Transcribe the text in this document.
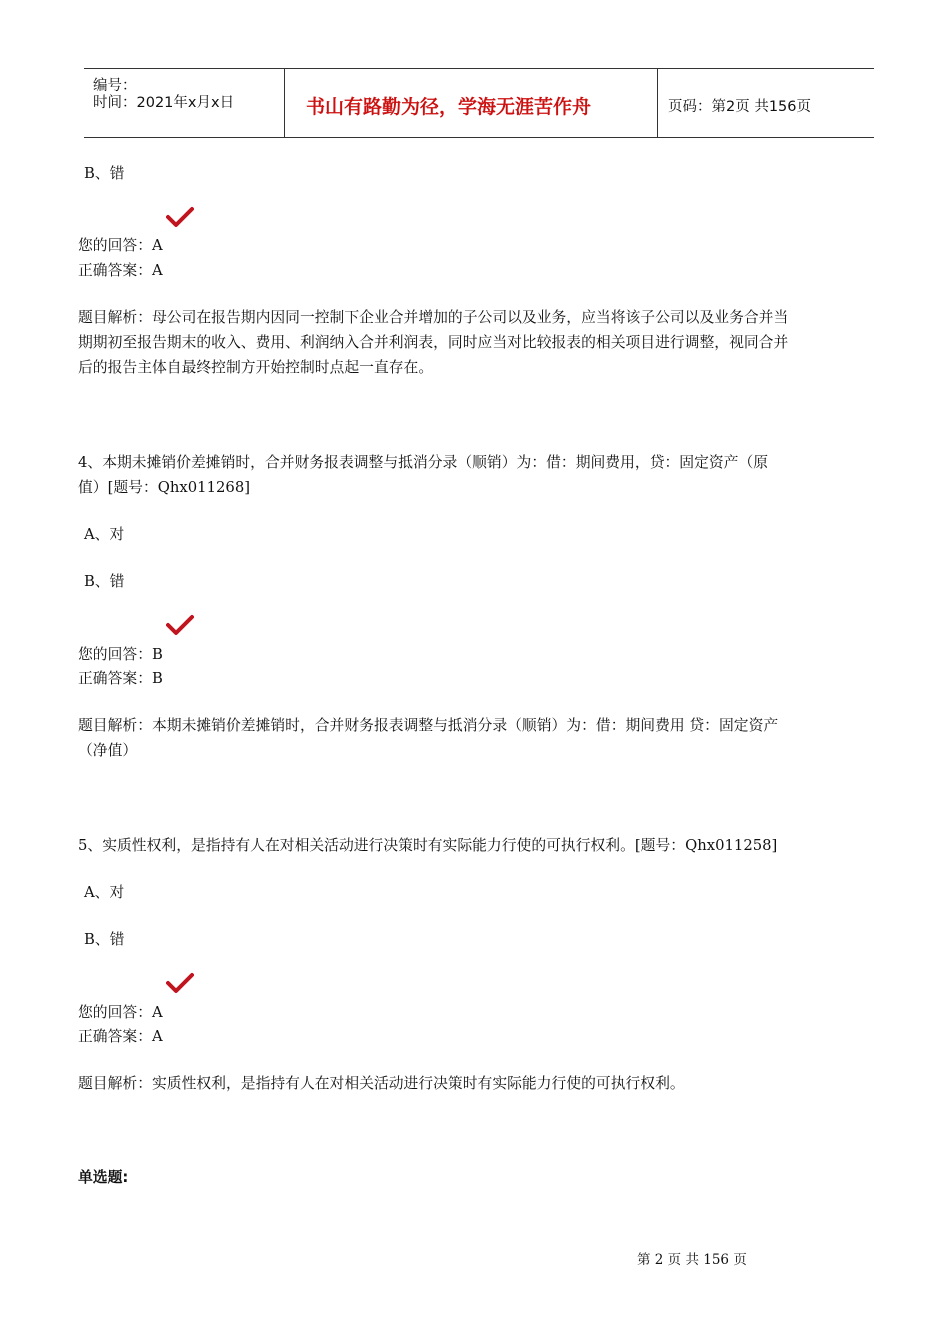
编号：
时间：2021年x月x日	书山有路勤为径，学海无涯苦作舟	页码：第2页 共156页
B、错
您的回答：A
正确答案：A
题目解析：母公司在报告期内因同一控制下企业合并增加的子公司以及业务，应当将该子公司以及业务合并当
期期初至报告期末的收入、费用、利润纳入合并利润表，同时应当对比较报表的相关项目进行调整，视同合并
后的报告主体自最终控制方开始控制时点起一直存在。
4、本期未摊销价差摊销时，合并财务报表调整与抵消分录（顺销）为：借：期间费用，贷：固定资产（原
值）[题号：Qhx011268]
A、对
B、错
您的回答：B
正确答案：B
题目解析：本期未摊销价差摊销时，合并财务报表调整与抵消分录（顺销）为：借：期间费用 贷：固定资产
（净值）
5、实质性权利，是指持有人在对相关活动进行决策时有实际能力行使的可执行权利。[题号：Qhx011258]
A、对
B、错
您的回答：A
正确答案：A
题目解析：实质性权利，是指持有人在对相关活动进行决策时有实际能力行使的可执行权利。
单选题:
第 2 页 共 156 页
